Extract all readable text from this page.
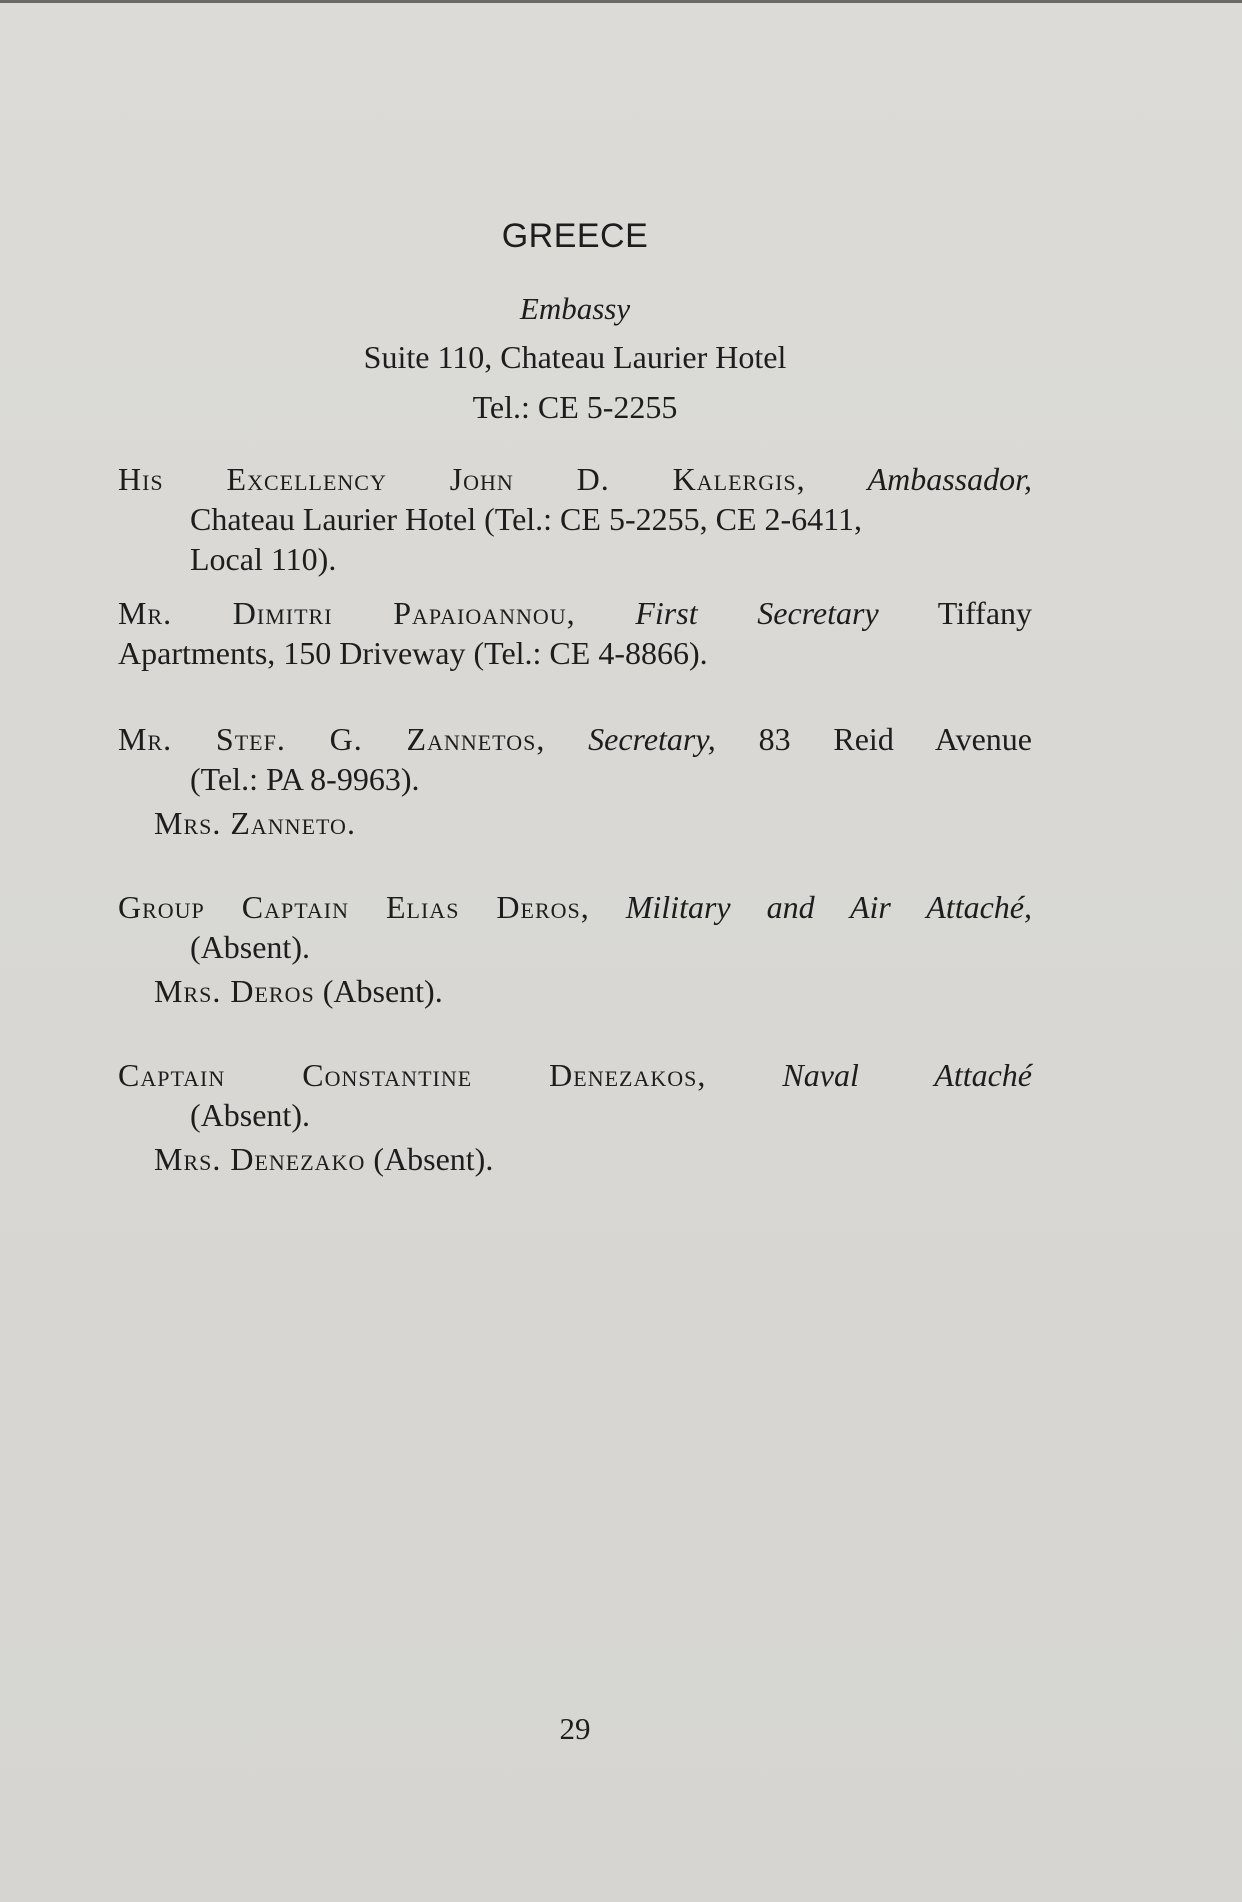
GREECE
Embassy
Suite 110, Chateau Laurier Hotel
Tel.: CE 5-2255
His Excellency John D. Kalergis, Ambassador,
Chateau Laurier Hotel (Tel.: CE 5-2255, CE 2-6411,
Local 110).
Mr. Dimitri Papaioannou, First Secretary Tiffany
Apartments, 150 Driveway (Tel.: CE 4-8866).
Mr. Stef. G. Zannetos, Secretary, 83 Reid Avenue
(Tel.: PA 8-9963).
Mrs. Zanneto.
Group Captain Elias Deros, Military and Air Attaché,
(Absent).
Mrs. Deros (Absent).
Captain Constantine Denezakos, Naval Attaché
(Absent).
Mrs. Denezako (Absent).
29
